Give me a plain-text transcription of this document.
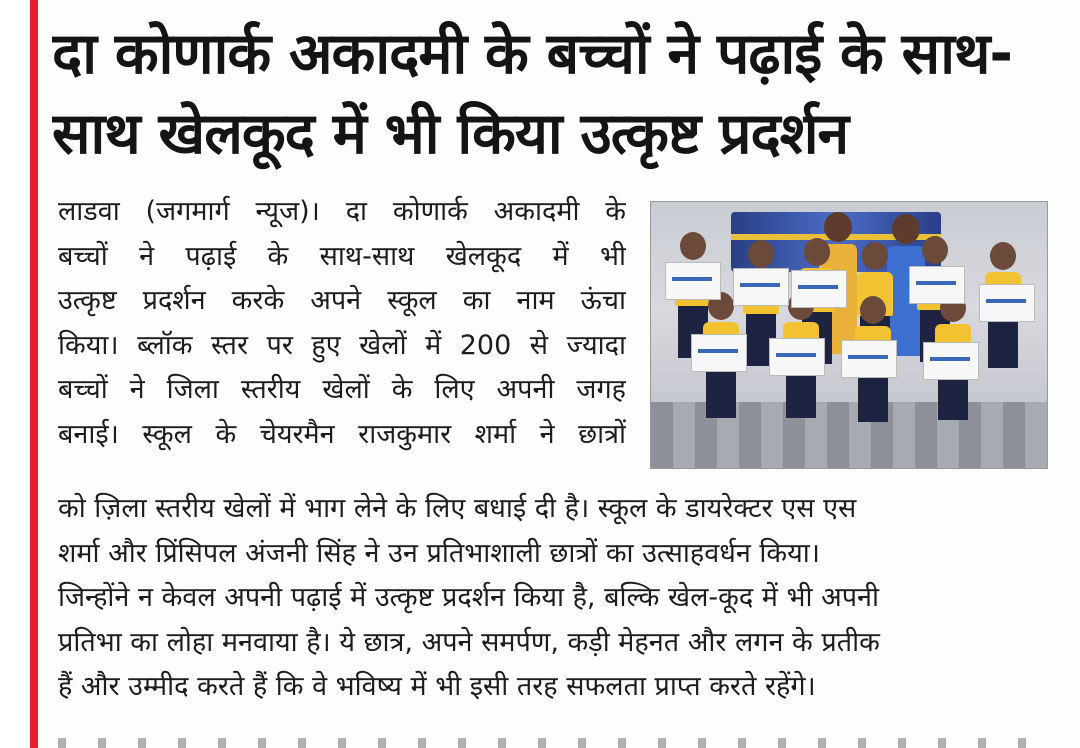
दा कोणार्क अकादमी के बच्चों ने पढ़ाई के साथ-
साथ खेलकूद में भी किया उत्कृष्ट प्रदर्शन
लाडवा (जगमार्ग न्यूज)। दा कोणार्क अकादमी के
बच्चों ने पढ़ाई के साथ-साथ खेलकूद में भी
उत्कृष्ट प्रदर्शन करके अपने स्कूल का नाम ऊंचा
किया। ब्लॉक स्तर पर हुए खेलों में 200 से ज्यादा
बच्चों ने जिला स्तरीय खेलों के लिए अपनी जगह
बनाई। स्कूल के चेयरमैन राजकुमार शर्मा ने छात्रों
को ज़िला स्तरीय खेलों में भाग लेने के लिए बधाई दी है। स्कूल के डायरेक्टर एस एस
शर्मा और प्रिंसिपल अंजनी सिंह ने उन प्रतिभाशाली छात्रों का उत्साहवर्धन किया।
जिन्होंने न केवल अपनी पढ़ाई में उत्कृष्ट प्रदर्शन किया है, बल्कि खेल-कूद में भी अपनी
प्रतिभा का लोहा मनवाया है। ये छात्र, अपने समर्पण, कड़ी मेहनत और लगन के प्रतीक
हैं और उम्मीद करते हैं कि वे भविष्य में भी इसी तरह सफलता प्राप्त करते रहेंगे।
